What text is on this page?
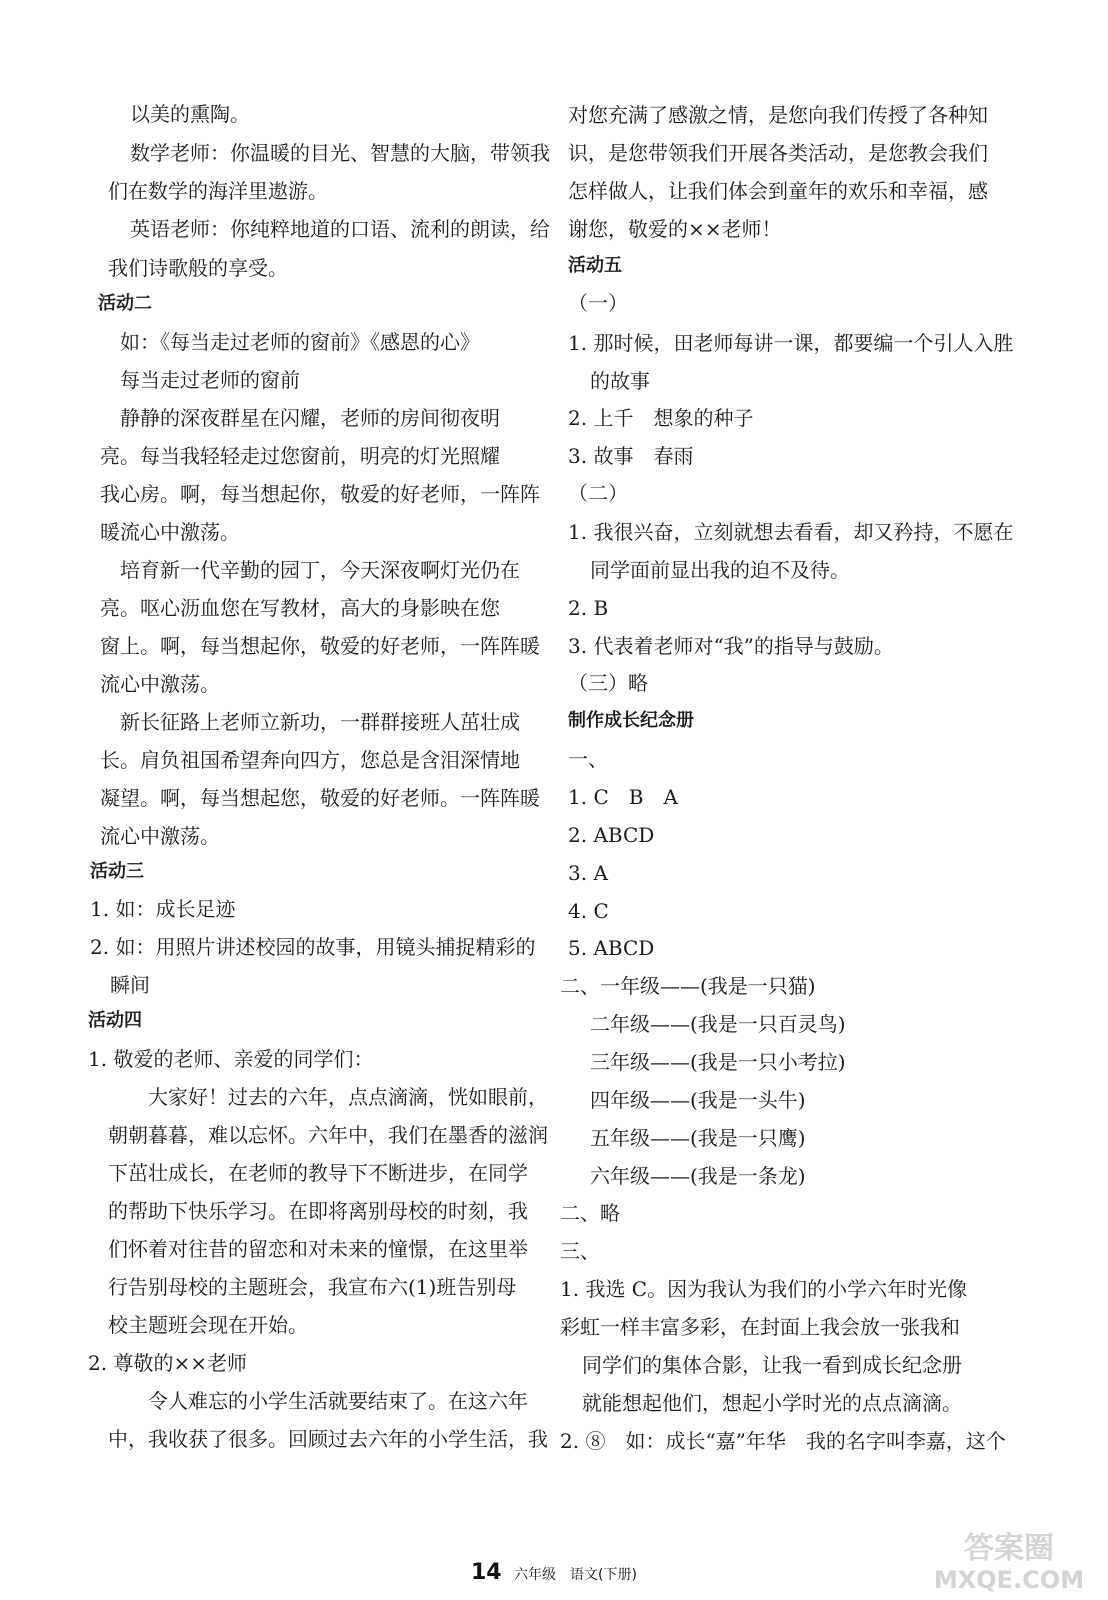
以美的熏陶。
数学老师：你温暖的目光、智慧的大脑，带领我
们在数学的海洋里遨游。
英语老师：你纯粹地道的口语、流利的朗读，给
我们诗歌般的享受。
活动二
如：《每当走过老师的窗前》《感恩的心》
每当走过老师的窗前
静静的深夜群星在闪耀，老师的房间彻夜明
亮。每当我轻轻走过您窗前，明亮的灯光照耀
我心房。啊，每当想起你，敬爱的好老师，一阵阵
暖流心中激荡。
培育新一代辛勤的园丁，今天深夜啊灯光仍在
亮。呕心沥血您在写教材，高大的身影映在您
窗上。啊，每当想起你，敬爱的好老师，一阵阵暖
流心中激荡。
新长征路上老师立新功，一群群接班人茁壮成
长。肩负祖国希望奔向四方，您总是含泪深情地
凝望。啊，每当想起您，敬爱的好老师。一阵阵暖
流心中激荡。
活动三
1. 如：成长足迹
2. 如：用照片讲述校园的故事，用镜头捕捉精彩的
瞬间
活动四
1. 敬爱的老师、亲爱的同学们：
大家好！过去的六年，点点滴滴，恍如眼前，
朝朝暮暮，难以忘怀。六年中，我们在墨香的滋润
下茁壮成长，在老师的教导下不断进步，在同学
的帮助下快乐学习。在即将离别母校的时刻，我
们怀着对往昔的留恋和对未来的憧憬，在这里举
行告别母校的主题班会，我宣布六(1)班告别母
校主题班会现在开始。
2. 尊敬的××老师
令人难忘的小学生活就要结束了。在这六年
中，我收获了很多。回顾过去六年的小学生活，我
对您充满了感激之情，是您向我们传授了各种知
识，是您带领我们开展各类活动，是您教会我们
怎样做人，让我们体会到童年的欢乐和幸福，感
谢您，敬爱的××老师！
活动五
（一）
1. 那时候，田老师每讲一课，都要编一个引人入胜
的故事
2. 上千　想象的种子
3. 故事　春雨
（二）
1. 我很兴奋，立刻就想去看看，却又矜持，不愿在
同学面前显出我的迫不及待。
2. B
3. 代表着老师对“我”的指导与鼓励。
（三）略
制作成长纪念册
一、
1. C　B　A
2. ABCD
3. A
4. C
5. ABCD
二、一年级——(我是一只猫)
二年级——(我是一只百灵鸟)
三年级——(我是一只小考拉)
四年级——(我是一头牛)
五年级——(我是一只鹰)
六年级——(我是一条龙)
二、略
三、
1. 我选 C。因为我认为我们的小学六年时光像
彩虹一样丰富多彩，在封面上我会放一张我和
同学们的集体合影，让我一看到成长纪念册
就能想起他们，想起小学时光的点点滴滴。
2. ⑧　如：成长“嘉”年华　我的名字叫李嘉，这个
14 六年级　语文(下册)
答案圈
MXQE.COM
